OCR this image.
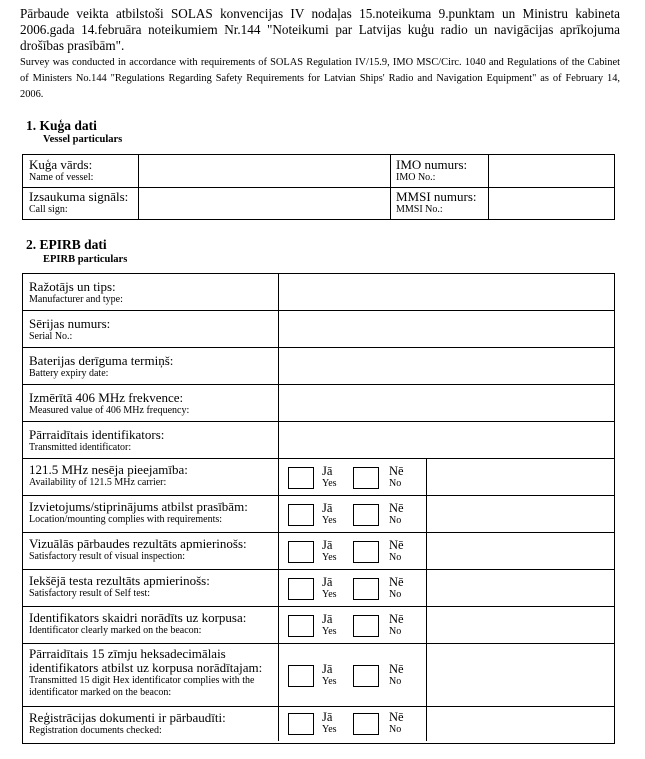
Pārbaude veikta atbilstoši SOLAS konvencijas IV nodaļas 15.noteikuma 9.punktam un Ministru kabineta 2006.gada 14.februāra noteikumiem Nr.144 "Noteikumi par Latvijas kuģu radio un navigācijas aprīkojuma drošības prasībām".

Survey was conducted in accordance with requirements of SOLAS Regulation IV/15.9, IMO MSC/Circ. 1040 and Regulations of the Cabinet of Ministers No.144 "Regulations Regarding Safety Requirements for Latvian Ships' Radio and Navigation Equipment" as of February 14, 2006.

1. Kuģa dati
Vessel particulars
Kuģa vārds:
Name of vessel:
IMO numurs:
IMO No.:
Izsaukuma signāls:
Call sign:
MMSI numurs:
MMSI No.:
2. EPIRB dati
EPIRB particulars
Ražotājs un tips:
Manufacturer and type:
Sērijas numurs:
Serial No.:
Baterijas derīguma termiņš:
Battery expiry date:
Izmērītā 406 MHz frekvence:
Measured value of 406 MHz frequency:
Pārraidītais identifikators:
Transmitted identificator:
121.5 MHz nesēja pieejamība:
Availability of 121.5 MHz carrier:
Jā
Yes
Nē
No
Izvietojums/stiprinājums atbilst prasībām:
Location/mounting complies with requirements:
Jā
Yes
Nē
No
Vizuālās pārbaudes rezultāts apmierinošs:
Satisfactory result of visual inspection:
Jā
Yes
Nē
No
Iekšējā testa rezultāts apmierinošs:
Satisfactory result of Self test:
Jā
Yes
Nē
No
Identifikators skaidri norādīts uz korpusa:
Identificator clearly marked on the beacon:
Jā
Yes
Nē
No
Pārraidītais 15 zīmju heksadecimālais identifikators atbilst uz korpusa norādītajam:
Transmitted 15 digit Hex identificator complies with the identificator marked on the beacon:
Jā
Yes
Nē
No
Reģistrācijas dokumenti ir pārbaudīti:
Registration documents checked:
Jā
Yes
Nē
No
